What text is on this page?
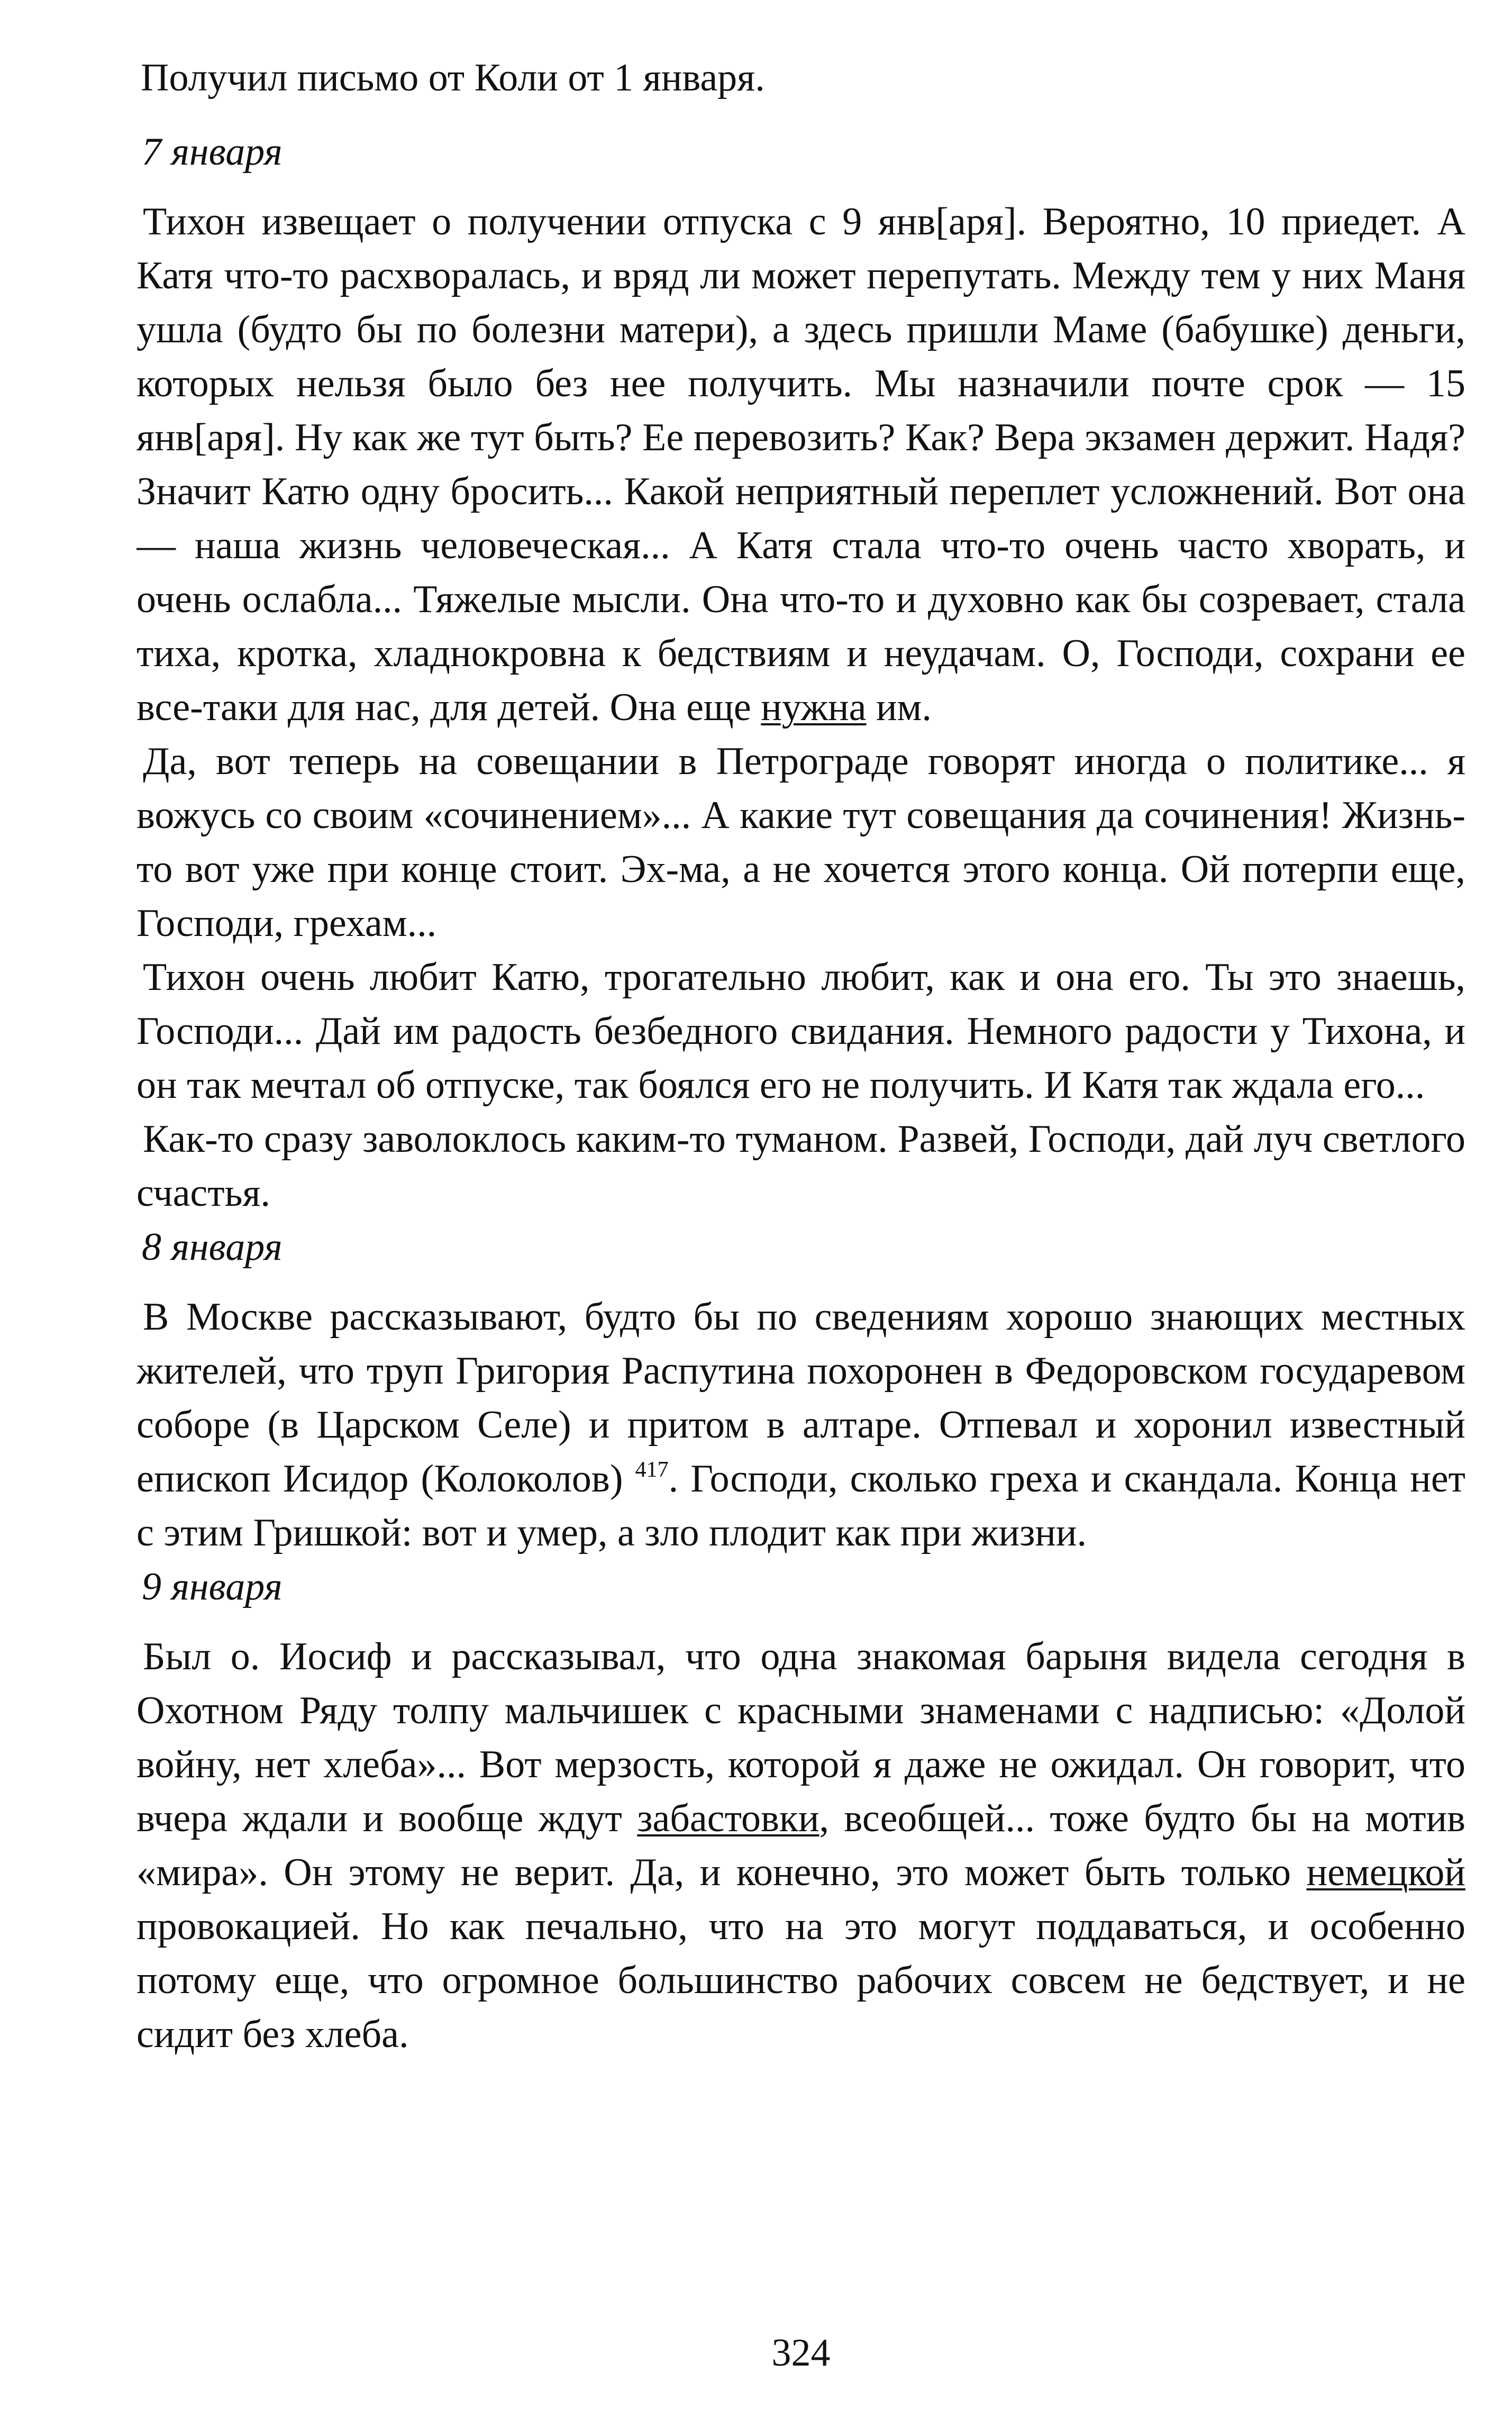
Получил письмо от Коли от 1 января.

7 января

Тихон извещает о получении отпуска с 9 янв[аря]. Вероятно, 10 приедет. А Катя что-то расхворалась, и вряд ли может перепутать. Между тем у них Маня ушла (будто бы по болезни матери), а здесь пришли Маме (бабушке) деньги, которых нельзя было без нее получить. Мы назначили почте срок — 15 янв[аря]. Ну как же тут быть? Ее перевозить? Как? Вера экзамен держит. Надя? Значит Катю одну бросить... Какой неприятный переплет усложнений. Вот она — наша жизнь человеческая... А Катя стала что-то очень часто хворать, и очень ослабла... Тяжелые мысли. Она что-то и духовно как бы созревает, стала тиха, кротка, хладнокровна к бедствиям и неудачам. О, Господи, сохрани ее все-таки для нас, для детей. Она еще нужна им.

Да, вот теперь на совещании в Петрограде говорят иногда о политике... я вожусь со своим «сочинением»... А какие тут совещания да сочинения! Жизнь-то вот уже при конце стоит. Эх-ма, а не хочется этого конца. Ой потерпи еще, Господи, грехам...

Тихон очень любит Катю, трогательно любит, как и она его. Ты это знаешь, Господи... Дай им радость безбедного свидания. Немного радости у Тихона, и он так мечтал об отпуске, так боялся его не получить. И Катя так ждала его...

Как-то сразу заволоклось каким-то туманом. Развей, Господи, дай луч светлого счастья.

8 января

В Москве рассказывают, будто бы по сведениям хорошо знающих местных жителей, что труп Григория Распутина похоронен в Федоровском государевом соборе (в Царском Селе) и притом в алтаре. Отпевал и хоронил известный епископ Исидор (Колоколов) $^{417}$. Господи, сколько греха и скандала. Конца нет с этим Гришкой: вот и умер, а зло плодит как при жизни.

9 января

Был о. Иосиф и рассказывал, что одна знакомая барыня видела сегодня в Охотном Ряду толпу мальчишек с красными знаменами с надписью: «Долой войну, нет хлеба»... Вот мерзость, которой я даже не ожидал. Он говорит, что вчера ждали и вообще ждут забастовки, всеобщей... тоже будто бы на мотив «мира». Он этому не верит. Да, и конечно, это может быть только немецкой провокацией. Но как печально, что на это могут поддаваться, и особенно потому еще, что огромное большинство рабочих совсем не бедствует, и не сидит без хлеба.

324
